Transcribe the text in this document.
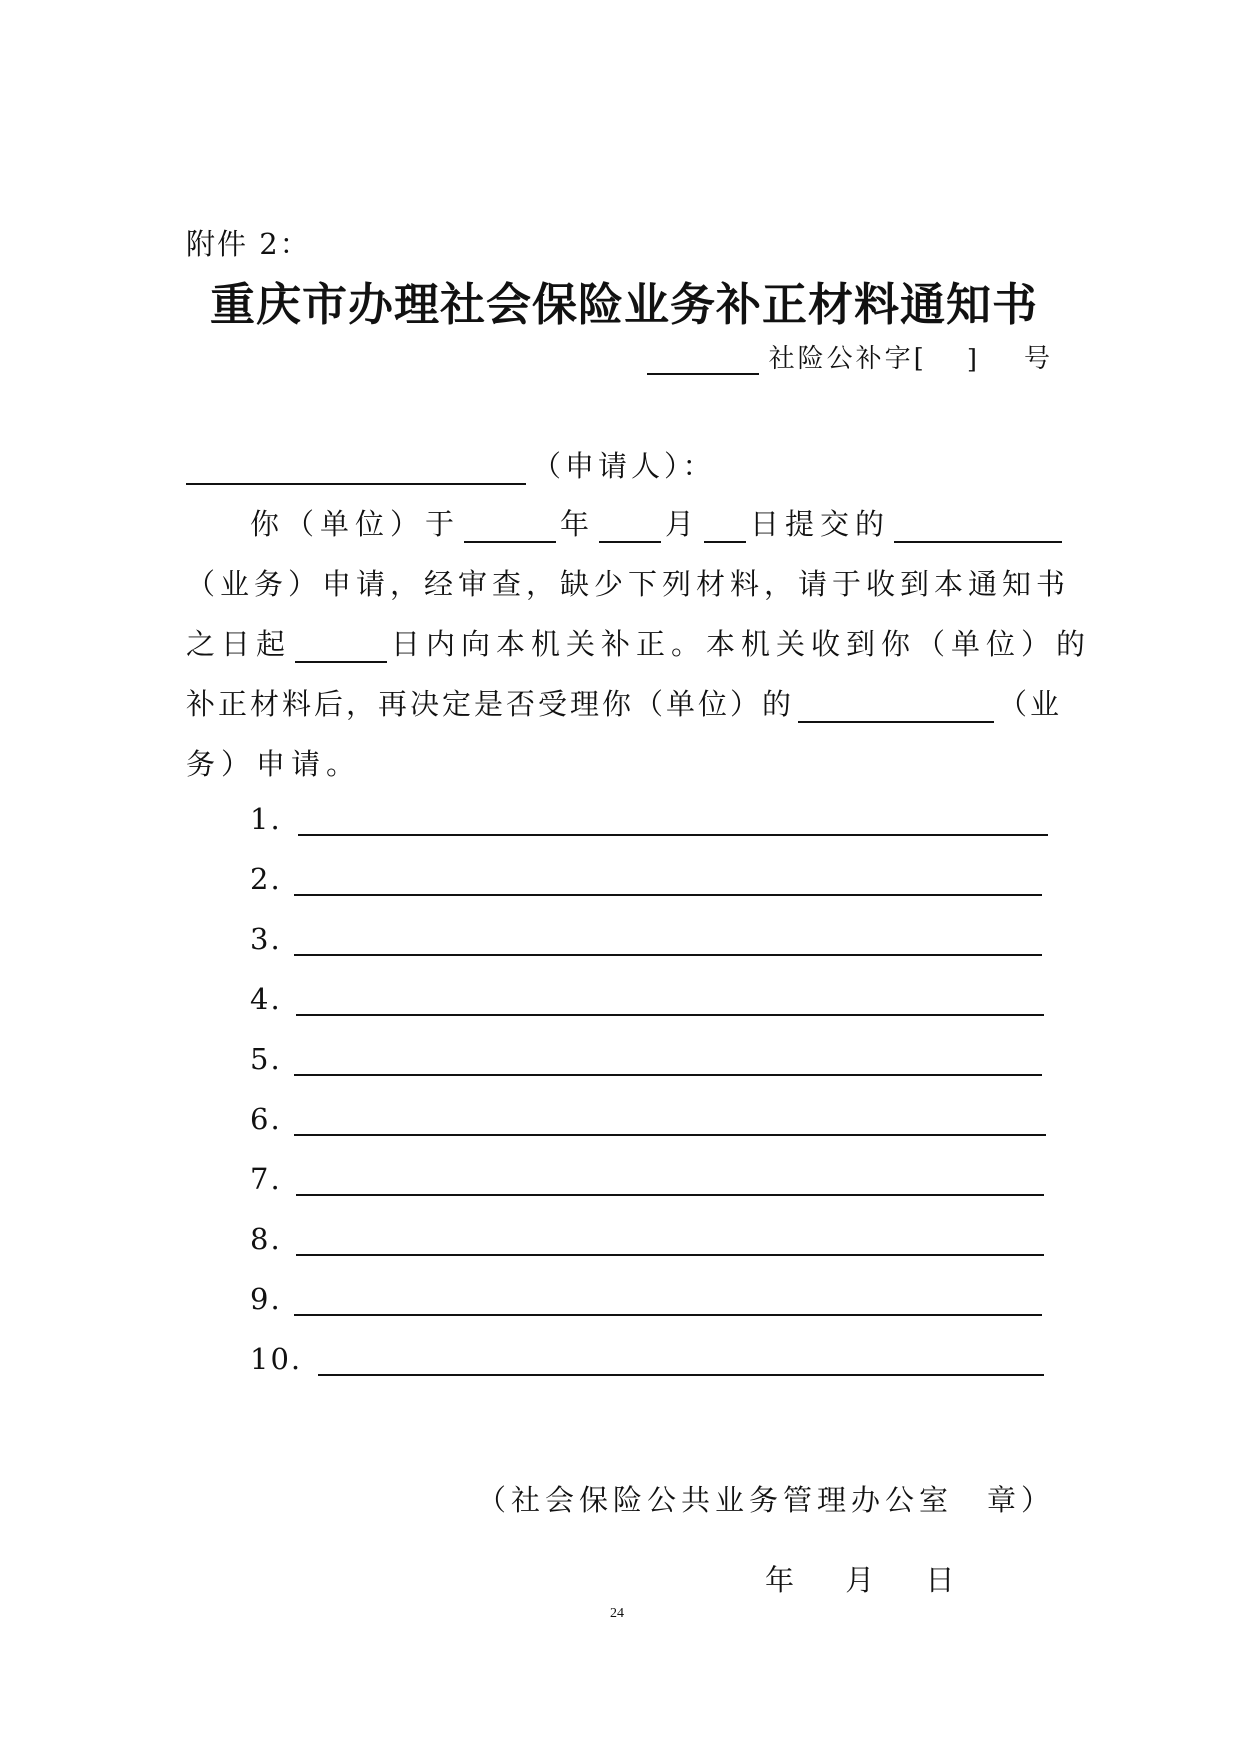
附件 2：
重庆市办理社会保险业务补正材料通知书
社险公补字[ ] 号
（申请人）：
你（单位）于	年 月 日提交的
（业务）申请，经审查，缺少下列材料，请于收到本通知书
之日起	日内向本机关补正。本机关收到你（单位）的
补正材料后，再决定是否受理你（单位）的	（业
务）申请。
1.
2.
3.
4.
5.
6.
7.
8.
9.
10.
（社会保险公共业务管理办公室 章）
年 月 日
24
